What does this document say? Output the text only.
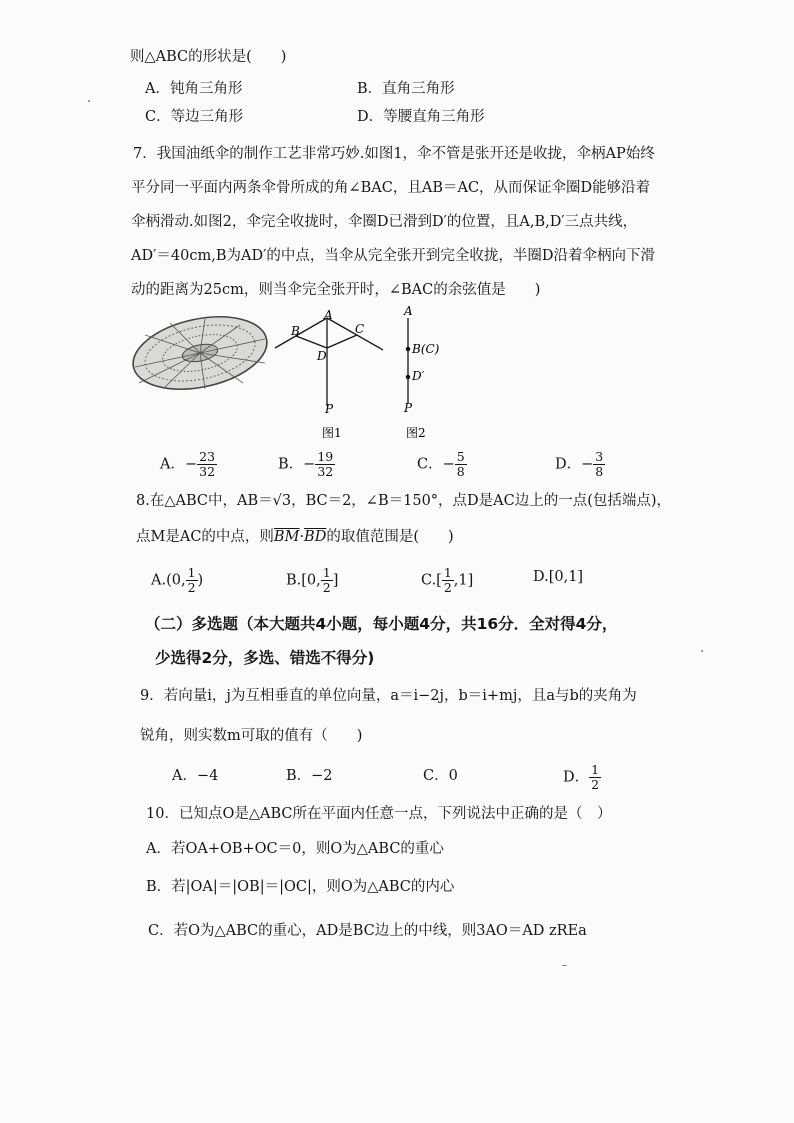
则△ABC的形状是(　　)
A．钝角三角形	B．直角三角形
C．等边三角形	D．等腰直角三角形
7．我国油纸伞的制作工艺非常巧妙.如图1，伞不管是张开还是收拢，伞柄AP始终
平分同一平面内两条伞骨所成的角∠BAC，且AB＝AC，从而保证伞圈D能够沿着
伞柄滑动.如图2，伞完全收拢时，伞圈D已滑到D′的位置，且A,B,D′三点共线，
AD′＝40cm,B为AD′的中点，当伞从完全张开到完全收拢，半圈D沿着伞柄向下滑
动的距离为25cm，则当伞完全张开时，∠BAC的余弦值是　　)
A
B	C
D
P
图1
A
B(C)
D′
P
图2
A．− $\frac{23}{32}$	B．− $\frac{19}{32}$	C．− $\frac{5}{8}$	D．− $\frac{3}{8}$
8.在△ABC中，AB＝√3，BC＝2，∠B＝150°，点D是AC边上的一点(包括端点)，
点M是AC的中点，则$\overline{BM}\cdot\overline{BD}$的取值范围是(　　)
A.(0, $\frac{1}{2}$ )	B.[0, $\frac{1}{2}$ ]	$C.[ \frac{1}{2} ,1]$	D.[0,1]
（二）多选题（本大题共4小题，每小题4分，共16分．全对得4分，
少选得2分，多选、错选不得分)
9．若向量i，j为互相垂直的单位向量，a＝i−2j，b＝i+mj，且a与b的夹角为
锐角，则实数m可取的值有（　　)
A．−4	B．−2	C．0	D． $\frac{1}{2}$
10．已知点O是△ABC所在平面内任意一点，下列说法中正确的是（　）
A．若OA+OB+OC＝0，则O为△ABC的重心
B．若|OA|＝|OB|＝|OC|，则O为△ABC的内心
C．若O为△ABC的重心，AD是BC边上的中线，则3AO＝AD zREa
